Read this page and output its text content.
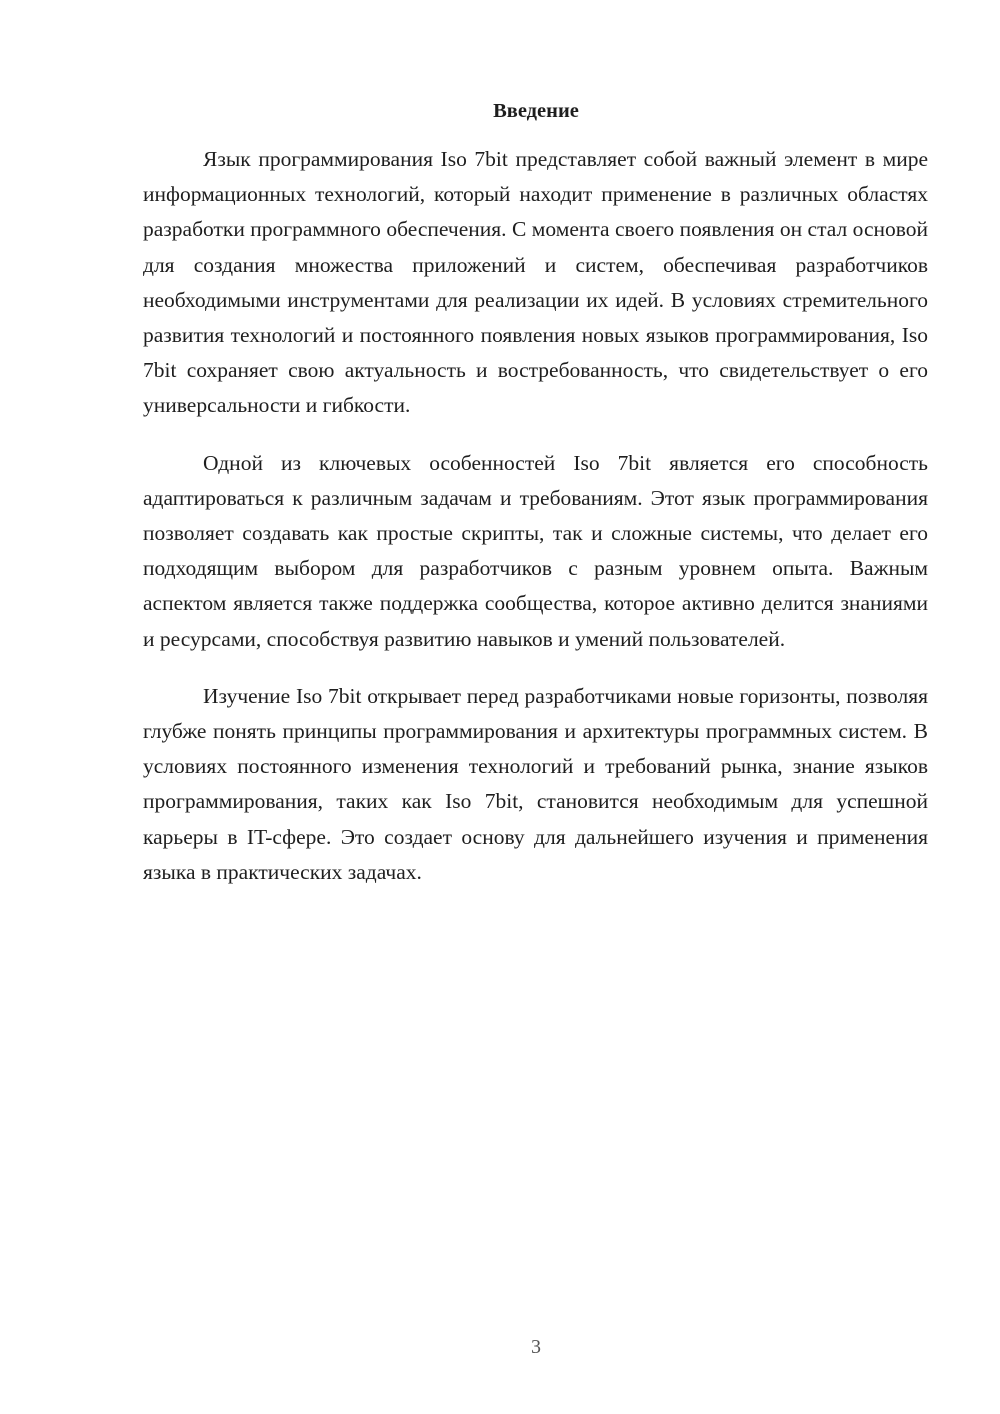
Введение

Язык программирования Iso 7bit представляет собой важный элемент в мире информационных технологий, который находит применение в различных областях разработки программного обеспечения. С момента своего появления он стал основой для создания множества приложений и систем, обеспечивая разработчиков необходимыми инструментами для реализации их идей. В условиях стремительного развития технологий и постоянного появления новых языков программирования, Iso 7bit сохраняет свою актуальность и востребованность, что свидетельствует о его универсальности и гибкости.

Одной из ключевых особенностей Iso 7bit является его способность адаптироваться к различным задачам и требованиям. Этот язык программирования позволяет создавать как простые скрипты, так и сложные системы, что делает его подходящим выбором для разработчиков с разным уровнем опыта. Важным аспектом является также поддержка сообщества, которое активно делится знаниями и ресурсами, способствуя развитию навыков и умений пользователей.

Изучение Iso 7bit открывает перед разработчиками новые горизонты, позволяя глубже понять принципы программирования и архитектуры программных систем. В условиях постоянного изменения технологий и требований рынка, знание языков программирования, таких как Iso 7bit, становится необходимым для успешной карьеры в IT-сфере. Это создает основу для дальнейшего изучения и применения языка в практических задачах.

3
